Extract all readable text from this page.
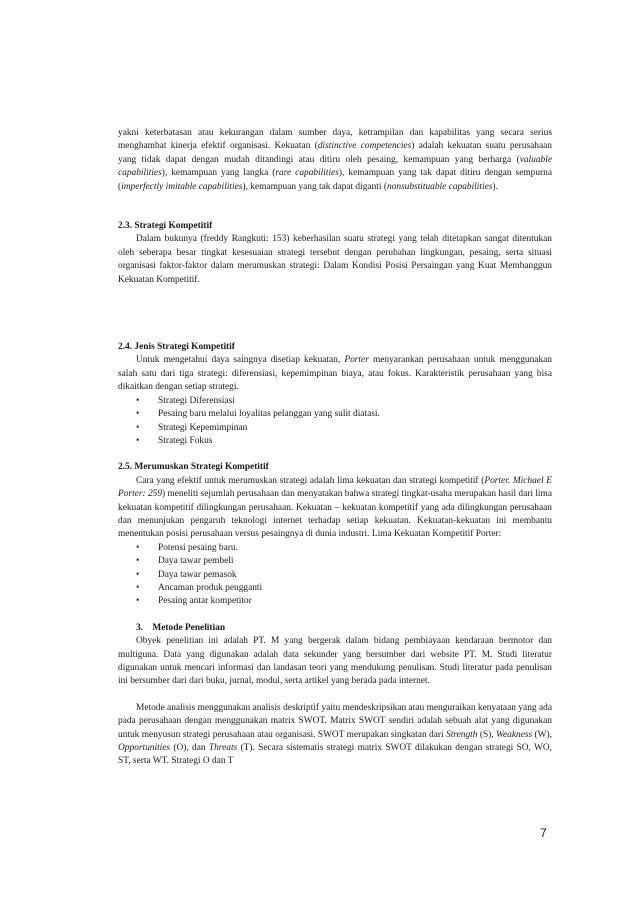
yakni keterbatasan atau kekurangan dalam sumber daya, ketrampilan dan kapabilitas yang secara serius menghambat kinerja efektif organisasi. Kekuatan (distinctive competencies) adalah kekuatan suatu perusahaan yang tidak dapat dengan mudah ditandingi atau ditiru oleh pesaing, kemampuan yang berharga (valuable capabilities), kemampuan yang langka (rare capabilities), kemampuan yang tak dapat ditiru dengan sempurna (imperfectly imitable capabilities), kemampuan yang tak dapat diganti (nonsubstituable capabilities).

2.3. Strategi Kompetitif

Dalam bukunya (freddy Rangkuti: 153) keberhasilan suatu strategi yang telah ditetapkan sangat ditentukan oleh seberapa besar tingkat kesesuaian strategi tersebut dengan perubahan lingkungan, pesaing, serta situasi organisasi faktor-faktor dalam merumuskan strategi: Dalam Kondisi Posisi Persaingan yang Kuat Membanggun Kekuatan Kompetitif.

2.4. Jenis Strategi Kompetitif

Untuk mengetahui daya saingnya disetiap kekuatan, Porter menyarankan perusahaan untuk menggunakan salah satu dari tiga strategi: diferensiasi, kepemimpinan biaya, atau fokus. Karakteristik perusahaan yang bisa dikaitkan dengan setiap strategi.

• Strategi Diferensiasi
• Pesaing baru melalui loyalitas pelanggan yang sulit diatasi.
• Strategi Kepemimpinan
• Strategi Fokus
2.5. Merumuskan Strategi Kompetitif

Cara yang efektif untuk merumuskan strategi adalah lima kekuatan dan strategi kompetitif (Porter. Michael E Porter: 259) meneliti sejumlah perusahaan dan menyatakan bahwa strategi tingkat-usaha merupakan hasil dari lima kekuatan kompetitif dilingkungan perusahaan. Kekuatan – kekuatan kompetitif yang ada dilingkungan perusahaan dan menunjukan pengaruh teknologi internet terhadap setiap kekuatan. Kekuatan-kekuatan ini membantu menentukan posisi perusahaan versus pesaingnya di dunia industri. Lima Kekuatan Kompetitif Porter:

• Potensi pesaing baru.
• Daya tawar pembeli
• Daya tawar pemasok
• Ancaman produk pengganti
• Pesaing antar kompetitor
3. Metode Penelitian

Obyek penelitian ini adalah PT. M yang bergerak dalam bidang pembiayaan kendaraan bermotor dan multiguna. Data yang digunakan adalah data sekunder yang bersumber dari website PT. M. Studi literatur digunakan untuk mencari informasi dan landasan teori yang mendukung penulisan. Studi literatur pada penulisan ini bersumber dari dari buku, jurnal, modul, serta artikel yang berada pada internet.

Metode analisis menggunakan analisis deskriptif yaitu mendeskripsikan atau menguraikan kenyataan yang ada pada perusahaan dengan menggunakan matrix SWOT. Matrix SWOT sendiri adalah sebuah alat yang digunakan untuk menyusun strategi perusahaan atau organisasi. SWOT merupakan singkatan dari Strength (S), Weakness (W), Opportunities (O), dan Threats (T). Secara sistematis strategi matrix SWOT dilakukan dengan strategi SO, WO, ST, serta WT. Strategi O dan T

7
